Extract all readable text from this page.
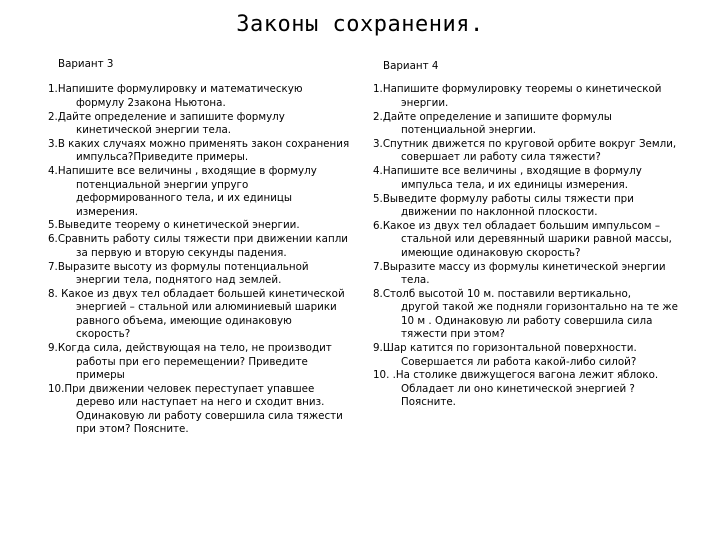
Законы сохранения.
Вариант 3
1.Напишите формулировку и математическую
формулу 2закона Ньютона.
2.Дайте определение и запишите формулу
кинетической энергии тела.
3.В каких случаях можно применять закон сохранения
импульса?Приведите примеры.
4.Напишите все величины , входящие в формулу
потенциальной энергии упруго
деформированного тела, и их единицы
измерения.
5.Выведите теорему о кинетической энергии.
6.Сравнить работу силы тяжести при движении капли
за первую и вторую секунды падения.
7.Выразите высоту из формулы потенциальной
энергии тела, поднятого над землей.
8. Какое из двух тел обладает большей кинетической
энергией – стальной или алюминиевый шарики
равного объема, имеющие одинаковую
скорость?
9.Когда сила, действующая на тело, не производит
работы при его перемещении? Приведите
примеры
10.При движении человек переступает упавшее
дерево или наступает на него и сходит вниз.
Одинаковую ли работу совершила сила тяжести
при этом? Поясните.
Вариант 4
1.Напишите формулировку теоремы о кинетической
энергии.
2.Дайте определение и запишите формулы
потенциальной энергии.
3.Спутник движется по круговой орбите вокруг Земли,
совершает ли работу сила тяжести?
4.Напишите все величины , входящие в формулу
импульса тела, и их единицы измерения.
5.Выведите формулу работы силы тяжести при
движении по наклонной плоскости.
6.Какое из двух тел обладает большим импульсом –
стальной или деревянный шарики равной массы,
имеющие одинаковую скорость?
7.Выразите массу из формулы кинетической энергии
тела.
8.Столб высотой 10 м. поставили вертикально,
другой такой же подняли горизонтально на те же
10 м . Одинаковую ли работу совершила сила
тяжести при этом?
9.Шар катится по горизонтальной поверхности.
Совершается ли работа какой-либо силой?
10. .На столике движущегося вагона лежит яблоко.
Обладает ли оно кинетической энергией ?
Поясните.
